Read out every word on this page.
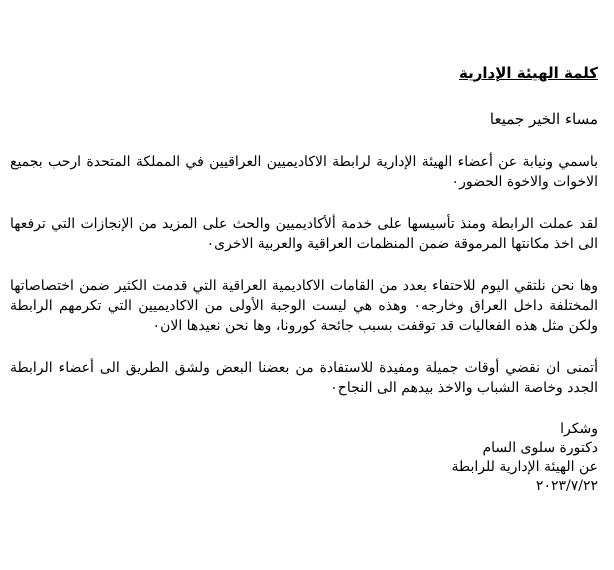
كلمة الهيئة الإدارية
مساء الخير جميعا
باسمي ونيابة عن أعضاء الهيئة الإدارية لرابطة الاكاديميين العراقيين في المملكة المتحدة ارحب بجميع الاخوات والاخوة الحضور٠
لقد عملت الرابطة ومنذ تأسيسها على خدمة ألأكاديميين والحث على المزيد من الإنجازات التي ترفعها الى اخذ مكانتها المرموقة ضمن المنظمات العراقية والعربية الاخرى٠
وها نحن نلتقي اليوم للاحتفاء بعدد من القامات الاكاديمية العراقية التي قدمت الكثير ضمن اختصاصاتها المختلفة داخل العراق وخارجه٠ وهذه هي ليست الوجبة الأولى من الاكاديميين التي تكرمهم الرابطة ولكن مثل هذه الفعاليات قد توقفت بسبب جائحة كورونا، وها نحن نعيدها الان٠
أتمنى ان نقضي أوقات جميلة ومفيدة للاستفادة من بعضنا البعض ولشق الطريق الى أعضاء الرابطة الجدد وخاصة الشباب والاخذ بيدهم الى النجاح٠
وشكرا
دكتورة سلوى السام
عن الهيئة الإدارية للرابطة
٢٠٢٣/٧/٢٢
